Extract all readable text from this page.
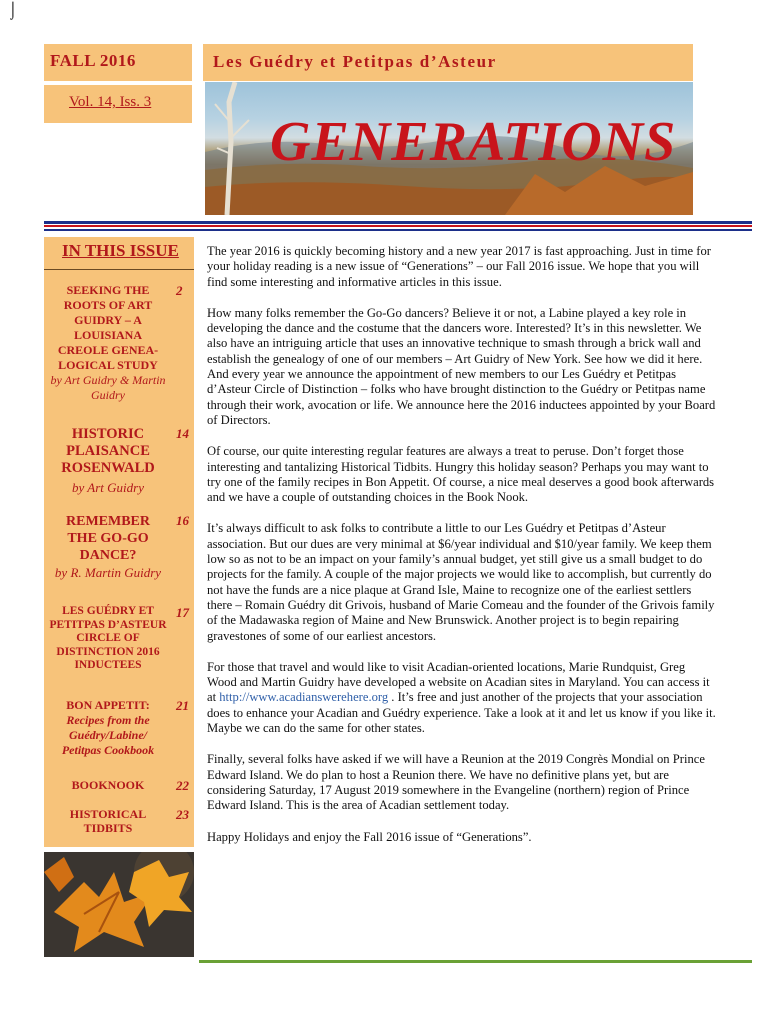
⌡
FALL 2016	Les Guédry et Petitpas d’Asteur
Vol. 14, Iss. 3
GENERATIONS
IN THIS ISSUE
SEEKING THE ROOTS OF ART GUIDRY – A LOUISIANA CREOLE GENEA-LOGICAL STUDY
by Art Guidry & Martin Guidry
2
HISTORIC PLAISANCE ROSENWALD
by Art Guidry
14
REMEMBER THE GO-GO DANCE?
by R. Martin Guidry
16
LES GUÉDRY ET PETITPAS D’ASTEUR CIRCLE OF DISTINCTION 2016 INDUCTEES
17
BON APPETIT:
Recipes from the Guédry/Labine/ Petitpas Cookbook
21
BOOKNOOK	22
HISTORICAL TIDBITS
23

The year 2016 is quickly becoming history and a new year 2017 is fast approaching. Just in time for your holiday reading is a new issue of “Generations” – our Fall 2016 issue. We hope that you will find some interesting and informative articles in this issue.

How many folks remember the Go-Go dancers? Believe it or not, a Labine played a key role in developing the dance and the costume that the dancers wore. Interested? It’s in this newsletter. We also have an intriguing article that uses an innovative technique to smash through a brick wall and establish the genealogy of one of our members – Art Guidry of New York. See how we did it here. And every year we announce the appointment of new members to our Les Guédry et Petitpas d’Asteur Circle of Distinction – folks who have brought distinction to the Guédry or Petitpas name through their work, avocation or life. We announce here the 2016 inductees appointed by your Board of Directors.

Of course, our quite interesting regular features are always a treat to peruse. Don’t forget those interesting and tantalizing Historical Tidbits. Hungry this holiday season? Perhaps you may want to try one of the family recipes in Bon Appetit. Of course, a nice meal deserves a good book afterwards and we have a couple of outstanding choices in the Book Nook.

It’s always difficult to ask folks to contribute a little to our Les Guédry et Petitpas d’Asteur association. But our dues are very minimal at $6/year individual and $10/year family. We keep them low so as not to be an impact on your family’s annual budget, yet still give us a small budget to do projects for the family. A couple of the major projects we would like to accomplish, but currently do not have the funds are a nice plaque at Grand Isle, Maine to recognize one of the earliest settlers there – Romain Guédry dit Grivois, husband of Marie Comeau and the founder of the Grivois family of the Madawaska region of Maine and New Brunswick. Another project is to begin repairing gravestones of some of our earliest ancestors.

For those that travel and would like to visit Acadian-oriented locations, Marie Rundquist, Greg Wood and Martin Guidry have developed a website on Acadian sites in Maryland. You can access it at http://www.acadianswerehere.org . It’s free and just another of the projects that your association does to enhance your Acadian and Guédry experience. Take a look at it and let us know if you like it. Maybe we can do the same for other states.

Finally, several folks have asked if we will have a Reunion at the 2019 Congrès Mondial on Prince Edward Island. We do plan to host a Reunion there. We have no definitive plans yet, but are considering Saturday, 17 August 2019 somewhere in the Evangeline (northern) region of Prince Edward Island. This is the area of Acadian settlement today.

Happy Holidays and enjoy the Fall 2016 issue of “Generations”.
